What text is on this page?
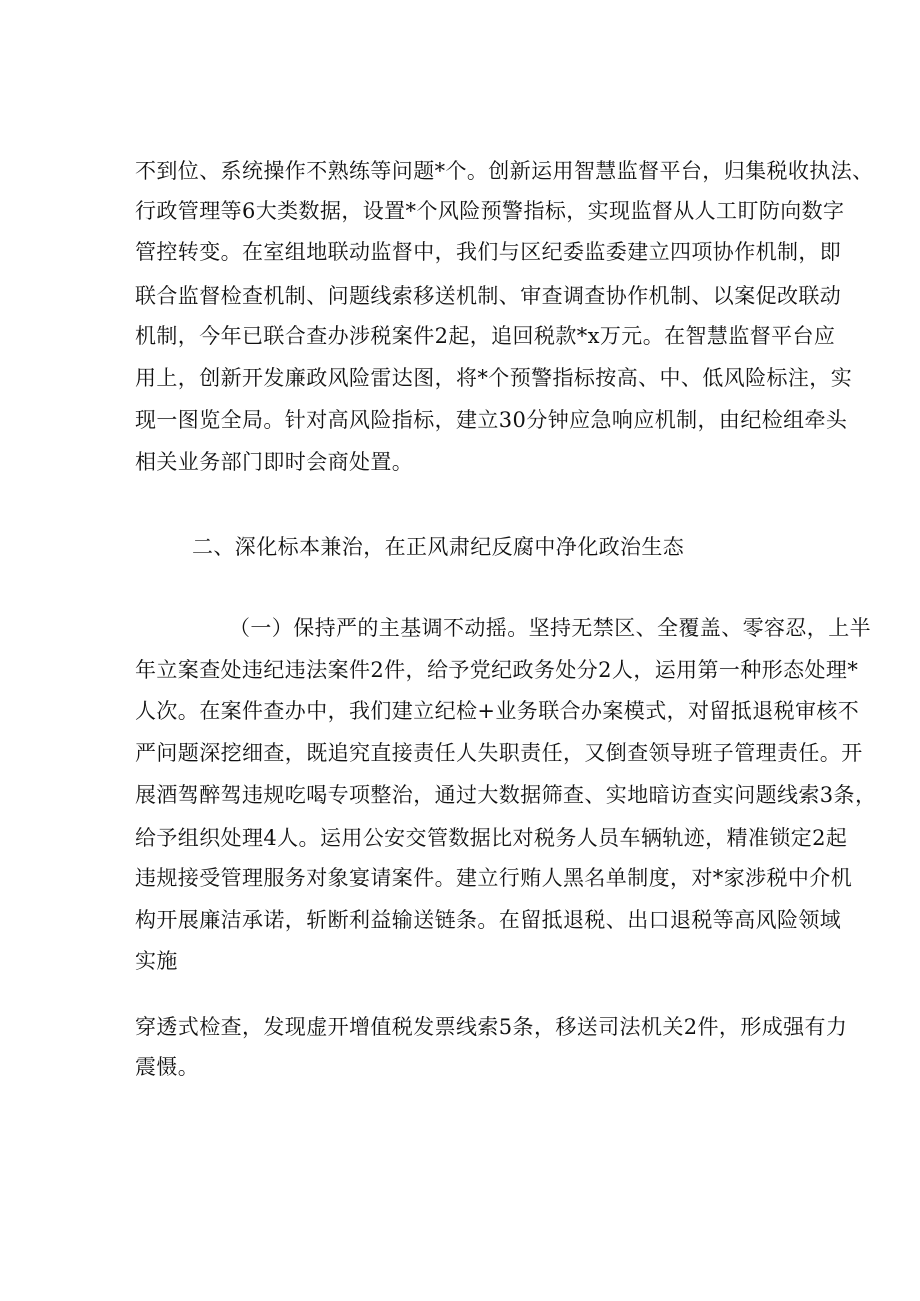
不到位、系统操作不熟练等问题*个。创新运用智慧监督平台，归集税收执法、
行政管理等6大类数据，设置*个风险预警指标，实现监督从人工盯防向数字
管控转变。在室组地联动监督中，我们与区纪委监委建立四项协作机制，即
联合监督检查机制、问题线索移送机制、审查调查协作机制、以案促改联动
机制，今年已联合查办涉税案件2起，追回税款*x万元。在智慧监督平台应
用上，创新开发廉政风险雷达图，将*个预警指标按高、中、低风险标注，实
现一图览全局。针对高风险指标，建立30分钟应急响应机制，由纪检组牵头
相关业务部门即时会商处置。
二、深化标本兼治，在正风肃纪反腐中净化政治生态
（一）保持严的主基调不动摇。坚持无禁区、全覆盖、零容忍，上半
年立案查处违纪违法案件2件，给予党纪政务处分2人，运用第一种形态处理*
人次。在案件查办中，我们建立纪检+业务联合办案模式，对留抵退税审核不
严问题深挖细查，既追究直接责任人失职责任，又倒查领导班子管理责任。开
展酒驾醉驾违规吃喝专项整治，通过大数据筛查、实地暗访查实问题线索3条，
给予组织处理4人。运用公安交管数据比对税务人员车辆轨迹，精准锁定2起
违规接受管理服务对象宴请案件。建立行贿人黑名单制度，对*家涉税中介机
构开展廉洁承诺，斩断利益输送链条。在留抵退税、出口退税等高风险领域
实施
穿透式检查，发现虚开增值税发票线索5条，移送司法机关2件，形成强有力
震慑。
